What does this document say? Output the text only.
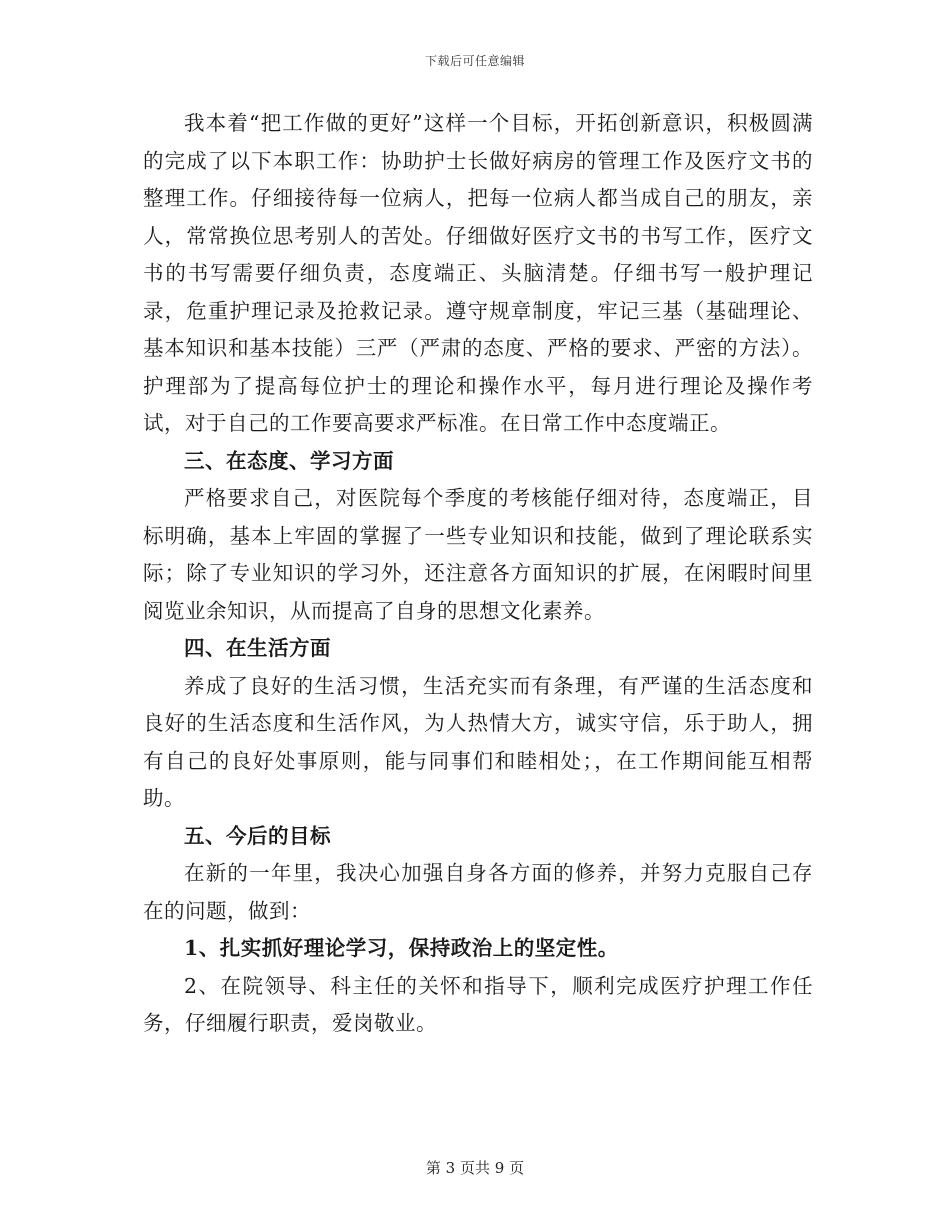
下载后可任意编辑

我本着“把工作做的更好”这样一个目标，开拓创新意识，积极圆满的完成了以下本职工作：协助护士长做好病房的管理工作及医疗文书的整理工作。仔细接待每一位病人，把每一位病人都当成自己的朋友，亲人，常常换位思考别人的苦处。仔细做好医疗文书的书写工作，医疗文书的书写需要仔细负责，态度端正、头脑清楚。仔细书写一般护理记录，危重护理记录及抢救记录。遵守规章制度，牢记三基（基础理论、基本知识和基本技能）三严（严肃的态度、严格的要求、严密的方法）。护理部为了提高每位护士的理论和操作水平，每月进行理论及操作考试，对于自己的工作要高要求严标准。在日常工作中态度端正。

三、在态度、学习方面

严格要求自己，对医院每个季度的考核能仔细对待，态度端正，目标明确，基本上牢固的掌握了一些专业知识和技能，做到了理论联系实际；除了专业知识的学习外，还注意各方面知识的扩展，在闲暇时间里阅览业余知识，从而提高了自身的思想文化素养。

四、在生活方面

养成了良好的生活习惯，生活充实而有条理，有严谨的生活态度和良好的生活态度和生活作风，为人热情大方，诚实守信，乐于助人，拥有自己的良好处事原则，能与同事们和睦相处；，在工作期间能互相帮助。

五、今后的目标

在新的一年里，我决心加强自身各方面的修养，并努力克服自己存在的问题，做到：

1、扎实抓好理论学习，保持政治上的坚定性。

2、在院领导、科主任的关怀和指导下，顺利完成医疗护理工作任务，仔细履行职责，爱岗敬业。

第 3 页共 9 页
